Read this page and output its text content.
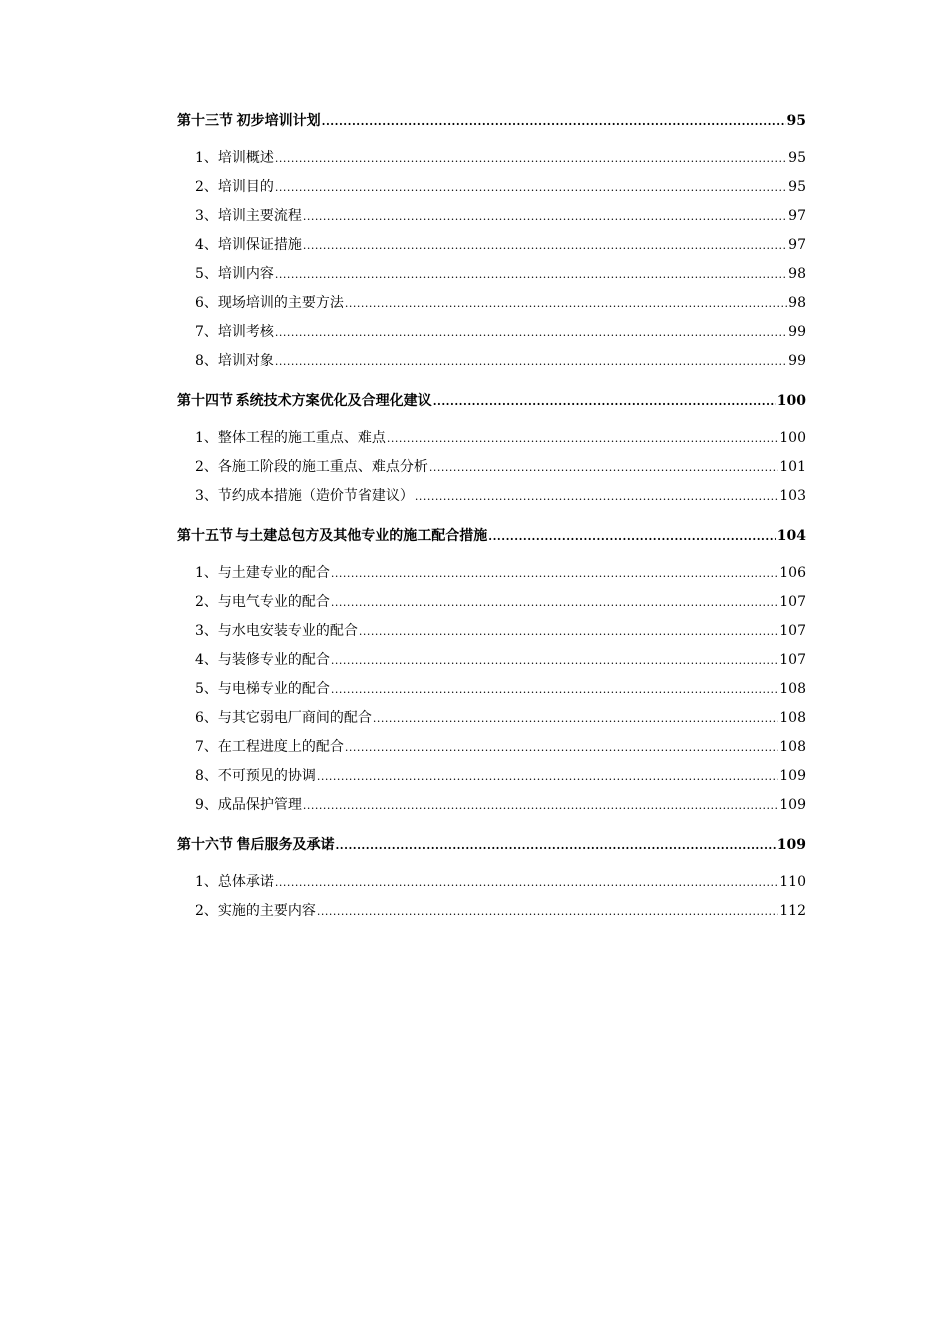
第十三节 初步培训计划 .....	95
1、 培训概述 .....	95
2、 培训目的 .....	95
3、 培训主要流程 .....	97
4、 培训保证措施 .....	97
5、 培训内容 .....	98
6、 现场培训的主要方法 .....	98
7、 培训考核 .....	99
8、 培训对象 .....	99
第十四节 系统技术方案优化及合理化建议 .....	100
1、 整体工程的施工重点、难点 .....	100
2、 各施工阶段的施工重点、难点分析 .....	101
3、 节约成本措施（造价节省建议） .....	103
第十五节 与土建总包方及其他专业的施工配合措施 .....	104
1、 与土建专业的配合 .....	106
2、 与电气专业的配合 .....	107
3、 与水电安装专业的配合 .....	107
4、 与装修专业的配合 .....	107
5、 与电梯专业的配合 .....	108
6、 与其它弱电厂商间的配合 .....	108
7、 在工程进度上的配合 .....	108
8、 不可预见的协调 .....	109
9、 成品保护管理 .....	109
第十六节 售后服务及承诺 .....	109
1、 总体承诺 .....	110
2、 实施的主要内容 .....	112
